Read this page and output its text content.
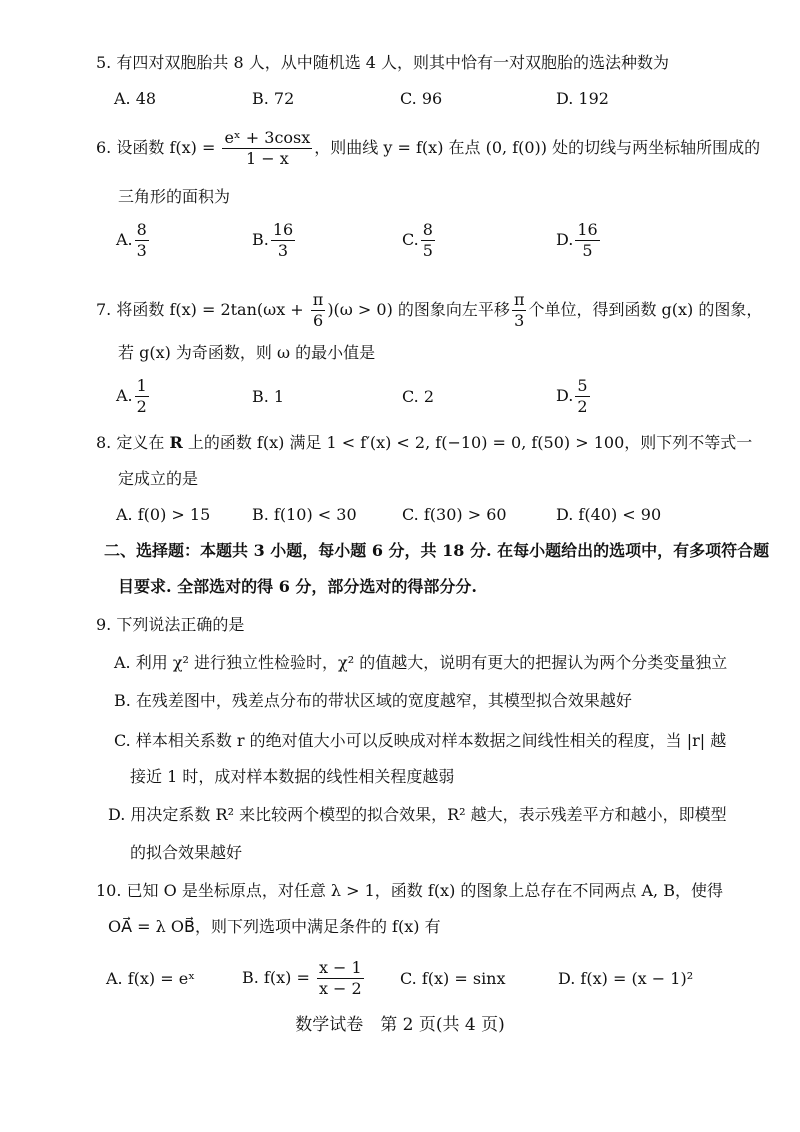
5. 有四对双胞胎共 8 人，从中随机选 4 人，则其中恰有一对双胞胎的选法种数为
A. 48	B. 72	C. 96	D. 192
6. 设函数 $f(x) = \frac{\text{eˣ + 3cosx}}{1 - x}$ ，则曲线 y = f(x) 在点 (0, f(0)) 处的切线与两坐标轴所围成的
三角形的面积为
A. $\frac{8}{3}$	B. $\frac{16}{3}$	C. $\frac{8}{5}$	D. $\frac{16}{5}$
7. 将函数 $f(x) = 2\tan(\omega x + \frac{\pi}{6} )(\omega > 0)$ 的图象向左平移 $\frac{\pi}{3}$ 个单位，得到函数 g(x) 的图象，
若 g(x) 为奇函数，则 ω 的最小值是
A. $\frac{1}{2}$	B. 1	C. 2	D. $\frac{5}{2}$
8. 定义在 R 上的函数 f(x) 满足 1 < f′(x) < 2, f(−10) = 0, f(50) > 100，则下列不等式一
定成立的是
A. f(0) > 15	B. f(10) < 30	C. f(30) > 60	D. f(40) < 90
二、选择题：本题共 3 小题，每小题 6 分，共 18 分. 在每小题给出的选项中，有多项符合题
目要求. 全部选对的得 6 分，部分选对的得部分分.
9. 下列说法正确的是
A. 利用 χ² 进行独立性检验时，χ² 的值越大，说明有更大的把握认为两个分类变量独立
B. 在残差图中，残差点分布的带状区域的宽度越窄，其模型拟合效果越好
C. 样本相关系数 r 的绝对值大小可以反映成对样本数据之间线性相关的程度，当 |r| 越
接近 1 时，成对样本数据的线性相关程度越弱
D. 用决定系数 R² 来比较两个模型的拟合效果，R² 越大，表示残差平方和越小，即模型
的拟合效果越好
10. 已知 O 是坐标原点，对任意 λ > 1，函数 f(x) 的图象上总存在不同两点 A, B，使得
OA⃗ = λ OB⃗，则下列选项中满足条件的 f(x) 有
A. f(x) = eˣ	B. $f(x) = \frac{x - 1}{x - 2} C$. f(x) = sinx	D. f(x) = (x − 1)²
数学试卷　第 2 页(共 4 页)
